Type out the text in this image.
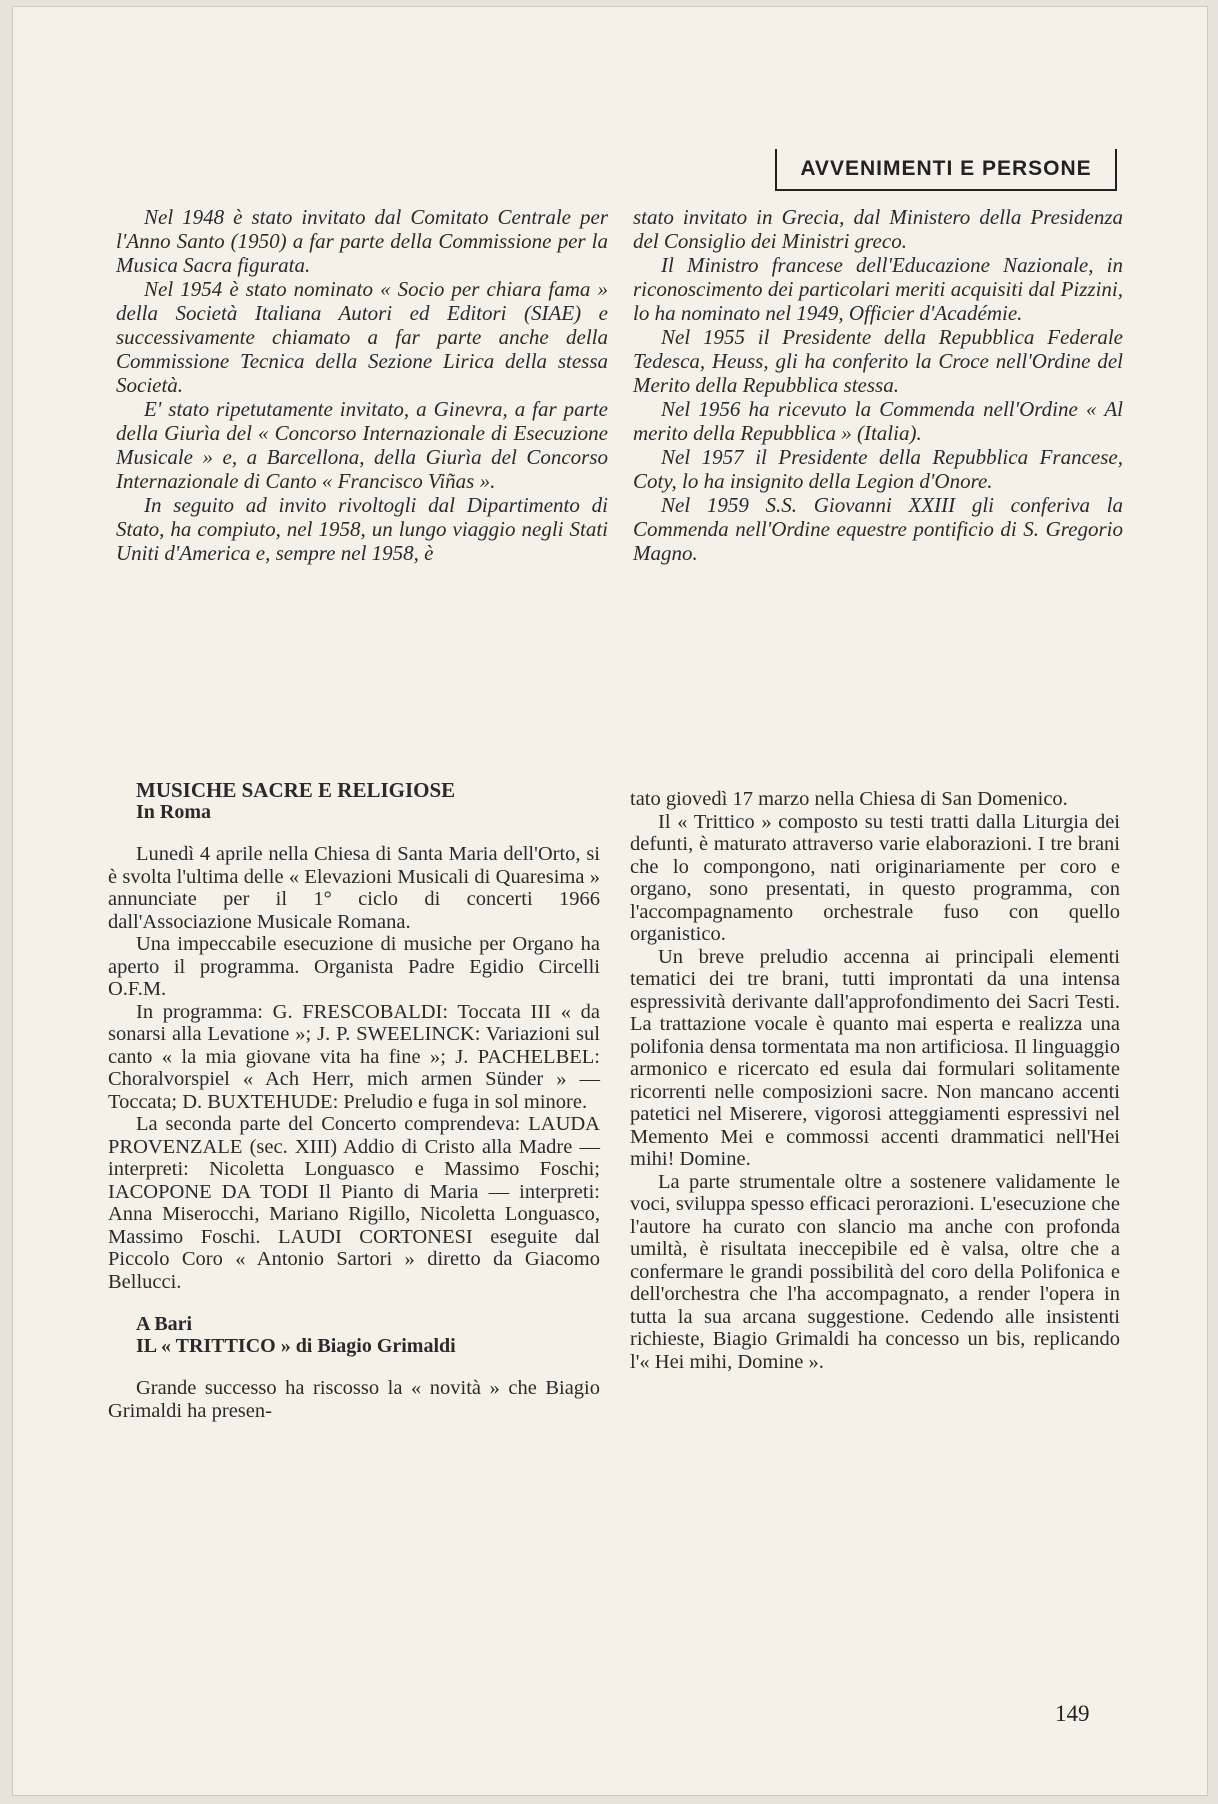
AVVENIMENTI E PERSONE

Nel 1948 è stato invitato dal Comitato Centrale per l'Anno Santo (1950) a far parte della Commissione per la Musica Sacra figurata.

Nel 1954 è stato nominato « Socio per chiara fama » della Società Italiana Autori ed Editori (SIAE) e successivamente chiamato a far parte anche della Commissione Tecnica della Sezione Lirica della stessa Società.

E' stato ripetutamente invitato, a Ginevra, a far parte della Giurìa del « Concorso Internazionale di Esecuzione Musicale » e, a Barcellona, della Giurìa del Concorso Internazionale di Canto « Francisco Viñas ».

In seguito ad invito rivoltogli dal Dipartimento di Stato, ha compiuto, nel 1958, un lungo viaggio negli Stati Uniti d'America e, sempre nel 1958, è

stato invitato in Grecia, dal Ministero della Presidenza del Consiglio dei Ministri greco.

Il Ministro francese dell'Educazione Nazionale, in riconoscimento dei particolari meriti acquisiti dal Pizzini, lo ha nominato nel 1949, Officier d'Académie.

Nel 1955 il Presidente della Repubblica Federale Tedesca, Heuss, gli ha conferito la Croce nell'Ordine del Merito della Repubblica stessa.

Nel 1956 ha ricevuto la Commenda nell'Ordine « Al merito della Repubblica » (Italia).

Nel 1957 il Presidente della Repubblica Francese, Coty, lo ha insignito della Legion d'Onore.

Nel 1959 S.S. Giovanni XXIII gli conferiva la Commenda nell'Ordine equestre pontificio di S. Gregorio Magno.

MUSICHE SACRE E RELIGIOSE

In Roma

Lunedì 4 aprile nella Chiesa di Santa Maria dell'Orto, si è svolta l'ultima delle « Elevazioni Musicali di Quaresima » annunciate per il 1° ciclo di concerti 1966 dall'Associazione Musicale Romana.

Una impeccabile esecuzione di musiche per Organo ha aperto il programma. Organista Padre Egidio Circelli O.F.M.

In programma: G. FRESCOBALDI: Toccata III « da sonarsi alla Levatione »; J. P. SWEELINCK: Variazioni sul canto « la mia giovane vita ha fine »; J. PACHELBEL: Choralvorspiel « Ach Herr, mich armen Sünder » — Toccata; D. BUXTEHUDE: Preludio e fuga in sol minore.

La seconda parte del Concerto comprendeva: LAUDA PROVENZALE (sec. XIII) Addio di Cristo alla Madre — interpreti: Nicoletta Longuasco e Massimo Foschi; IACOPONE DA TODI Il Pianto di Maria — interpreti: Anna Miserocchi, Mariano Rigillo, Nicoletta Longuasco, Massimo Foschi. LAUDI CORTONESI eseguite dal Piccolo Coro « Antonio Sartori » diretto da Giacomo Bellucci.

A Bari

IL « TRITTICO » di Biagio Grimaldi

Grande successo ha riscosso la « novità » che Biagio Grimaldi ha presen-

tato giovedì 17 marzo nella Chiesa di San Domenico.

Il « Trittico » composto su testi tratti dalla Liturgia dei defunti, è maturato attraverso varie elaborazioni. I tre brani che lo compongono, nati originariamente per coro e organo, sono presentati, in questo programma, con l'accompagnamento orchestrale fuso con quello organistico.

Un breve preludio accenna ai principali elementi tematici dei tre brani, tutti improntati da una intensa espressività derivante dall'approfondimento dei Sacri Testi. La trattazione vocale è quanto mai esperta e realizza una polifonia densa tormentata ma non artificiosa. Il linguaggio armonico e ricercato ed esula dai formulari solitamente ricorrenti nelle composizioni sacre. Non mancano accenti patetici nel Miserere, vigorosi atteggiamenti espressivi nel Memento Mei e commossi accenti drammatici nell'Hei mihi! Domine.

La parte strumentale oltre a sostenere validamente le voci, sviluppa spesso efficaci perorazioni. L'esecuzione che l'autore ha curato con slancio ma anche con profonda umiltà, è risultata ineccepibile ed è valsa, oltre che a confermare le grandi possibilità del coro della Polifonica e dell'orchestra che l'ha accompagnato, a render l'opera in tutta la sua arcana suggestione. Cedendo alle insistenti richieste, Biagio Grimaldi ha concesso un bis, replicando l'« Hei mihi, Domine ».

149
